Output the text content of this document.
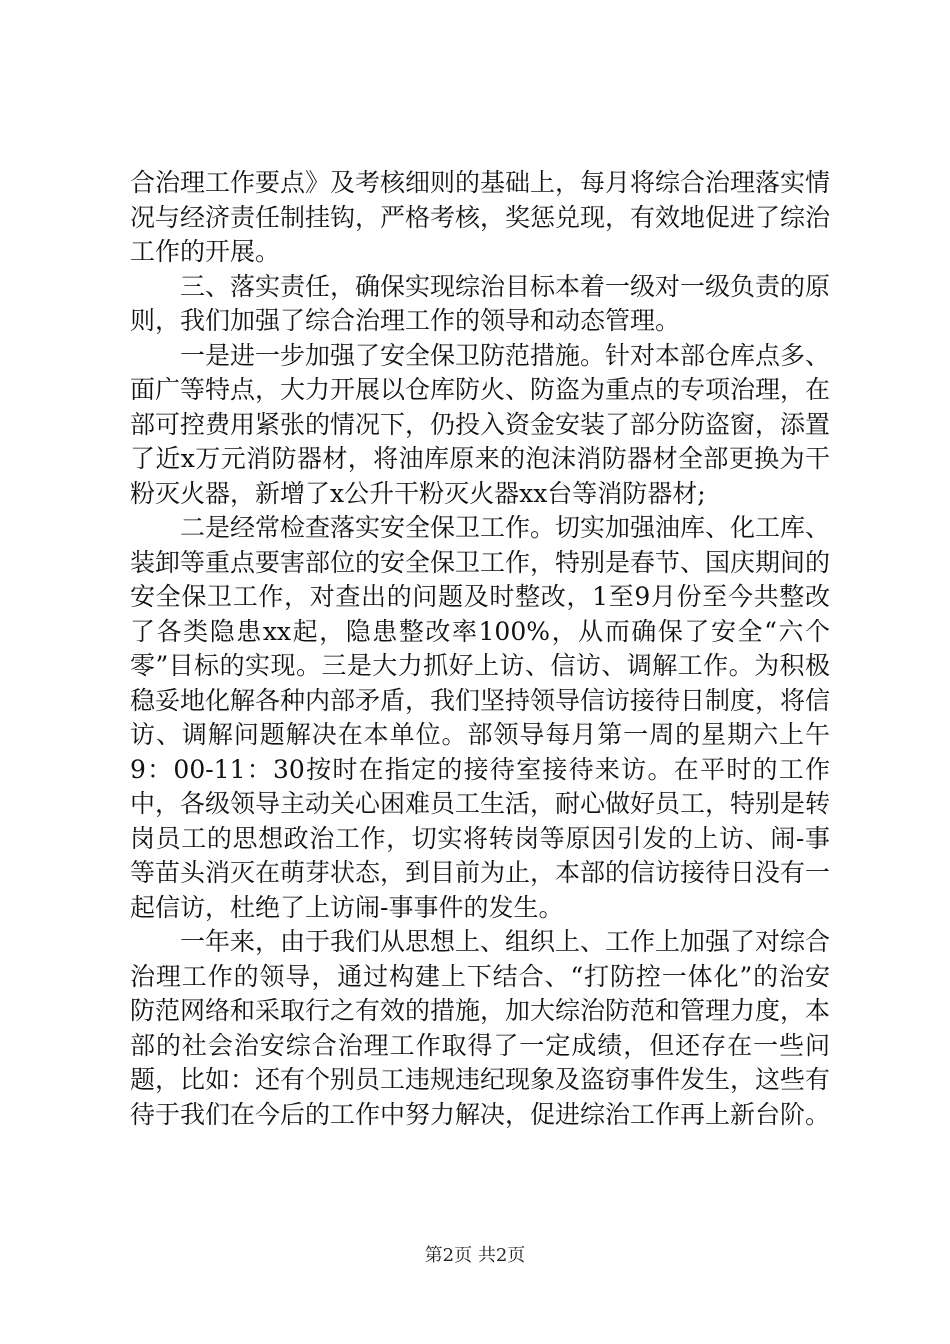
合治理工作要点》及考核细则的基础上，每月将综合治理落实情况与经济责任制挂钩，严格考核，奖惩兑现，有效地促进了综治工作的开展。

三、落实责任，确保实现综治目标本着一级对一级负责的原则，我们加强了综合治理工作的领导和动态管理。

一是进一步加强了安全保卫防范措施。针对本部仓库点多、面广等特点，大力开展以仓库防火、防盗为重点的专项治理，在部可控费用紧张的情况下，仍投入资金安装了部分防盗窗，添置了近x万元消防器材，将油库原来的泡沫消防器材全部更换为干粉灭火器，新增了x公升干粉灭火器xx台等消防器材;

二是经常检查落实安全保卫工作。切实加强油库、化工库、装卸等重点要害部位的安全保卫工作，特别是春节、国庆期间的安全保卫工作，对查出的问题及时整改，1至9月份至今共整改了各类隐患xx起，隐患整改率100%，从而确保了安全“六个零”目标的实现。三是大力抓好上访、信访、调解工作。为积极稳妥地化解各种内部矛盾，我们坚持领导信访接待日制度，将信访、调解问题解决在本单位。部领导每月第一周的星期六上午9：00-11：30按时在指定的接待室接待来访。在平时的工作中，各级领导主动关心困难员工生活，耐心做好员工，特别是转岗员工的思想政治工作，切实将转岗等原因引发的上访、闹-事等苗头消灭在萌芽状态，到目前为止，本部的信访接待日没有一起信访，杜绝了上访闹-事事件的发生。

一年来，由于我们从思想上、组织上、工作上加强了对综合治理工作的领导，通过构建上下结合、“打防控一体化”的治安防范网络和采取行之有效的措施，加大综治防范和管理力度，本部的社会治安综合治理工作取得了一定成绩，但还存在一些问题，比如：还有个别员工违规违纪现象及盗窃事件发生，这些有待于我们在今后的工作中努力解决，促进综治工作再上新台阶。

第2页 共2页
